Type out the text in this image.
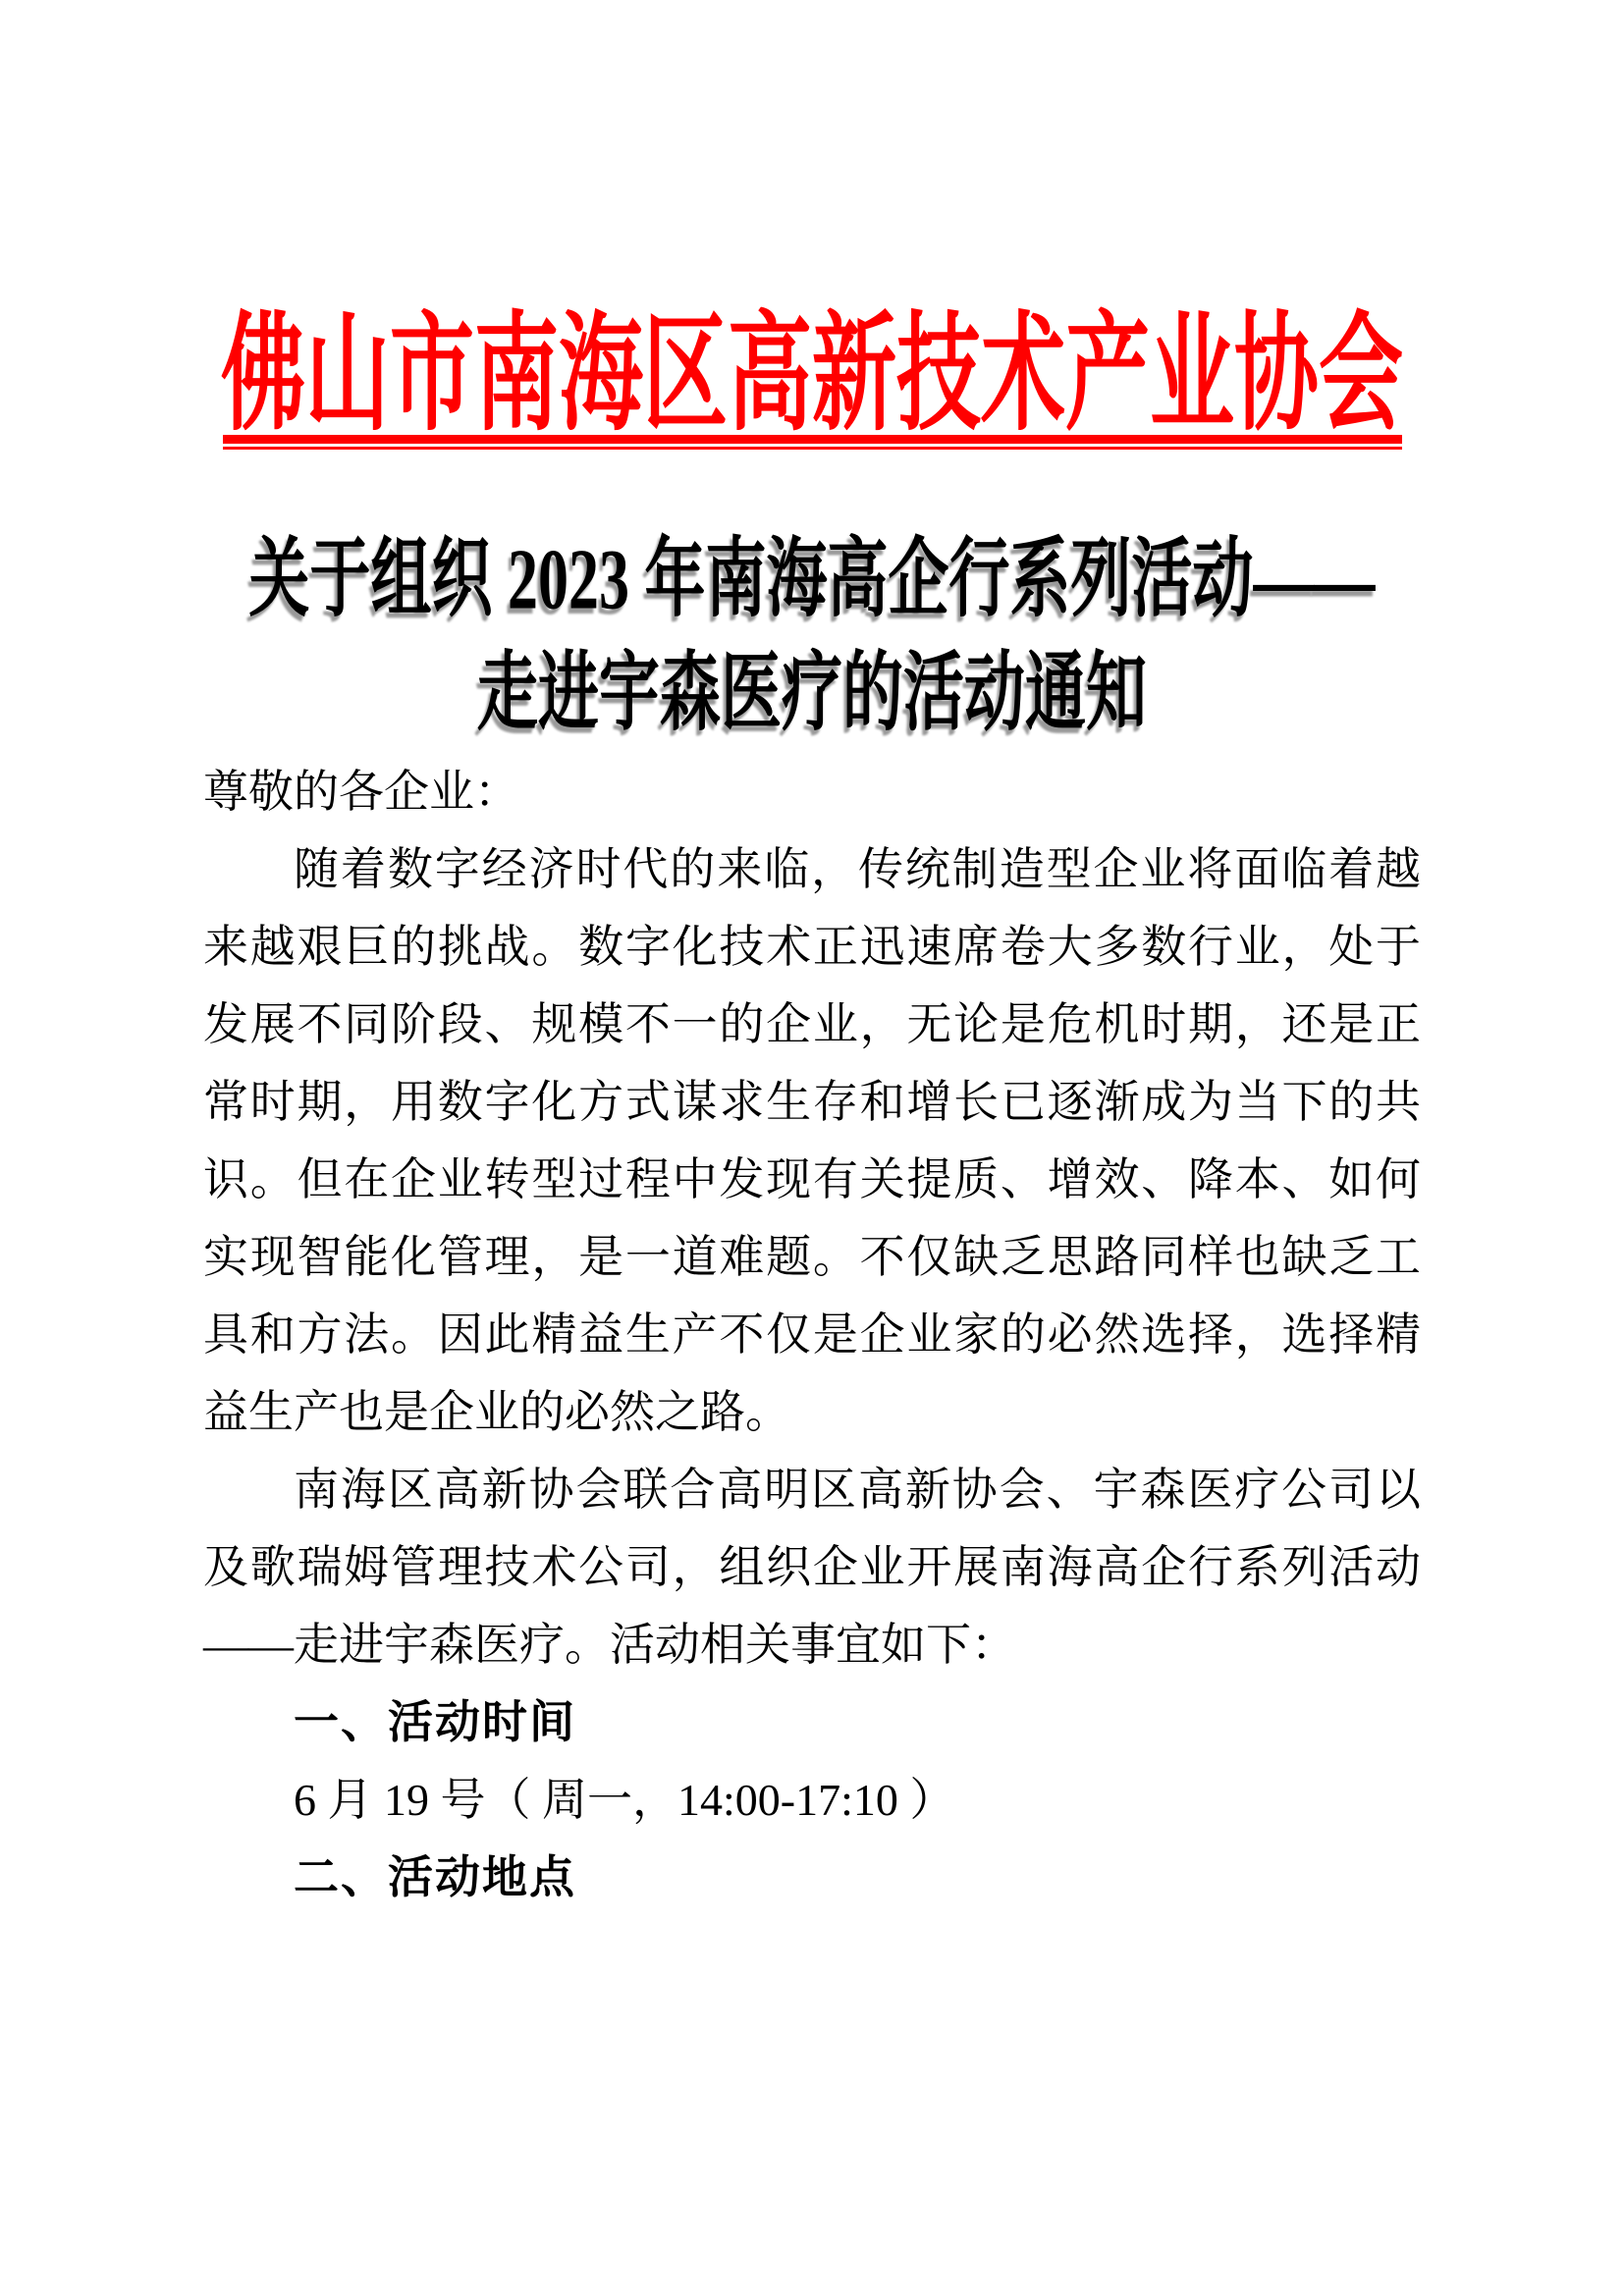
佛山市南海区高新技术产业协会
关于组织 2023 年南海高企行系列活动——
走进宇森医疗的活动通知

尊敬的各企业：

随着数字经济时代的来临，传统制造型企业将面临着越来越艰巨的挑战。数字化技术正迅速席卷大多数行业，处于发展不同阶段、规模不一的企业，无论是危机时期，还是正常时期，用数字化方式谋求生存和增长已逐渐成为当下的共识。但在企业转型过程中发现有关提质、增效、降本、如何实现智能化管理，是一道难题。不仅缺乏思路同样也缺乏工具和方法。因此精益生产不仅是企业家的必然选择，选择精益生产也是企业的必然之路。

南海区高新协会联合高明区高新协会、宇森医疗公司以及歌瑞姆管理技术公司，组织企业开展南海高企行系列活动——走进宇森医疗。活动相关事宜如下：

一、活动时间

6 月 19 号（ 周一，14:00-17:10 ）

二、活动地点
